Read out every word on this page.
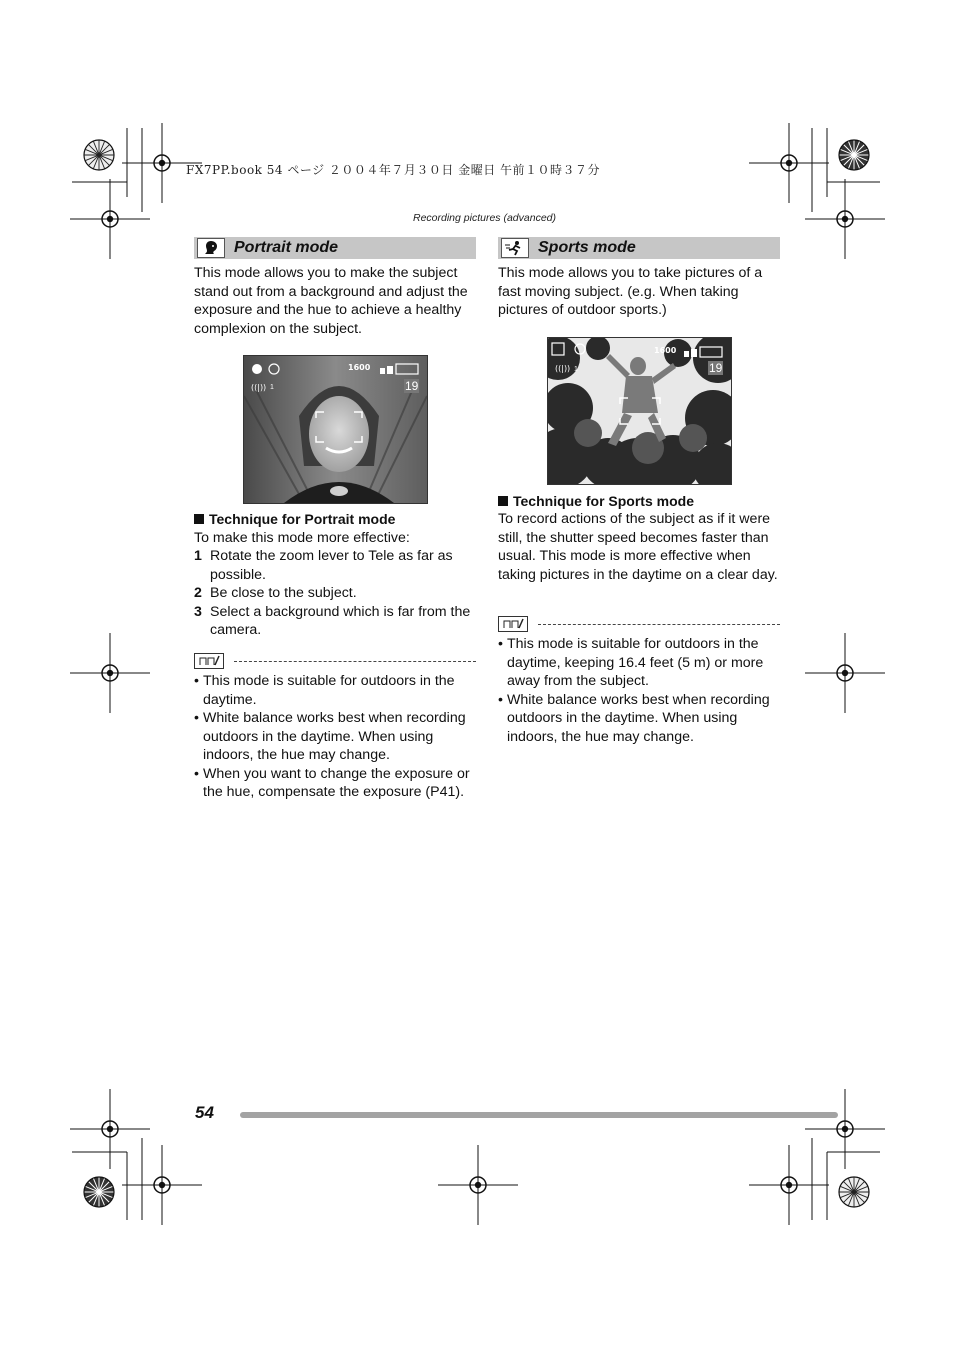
FX7PP.book 54 ページ ２００４年７月３０日 金曜日 午前１０時３７分
Recording pictures (advanced)
Portrait mode
This mode allows you to make the subject stand out from a background and adjust the exposure and the hue to achieve a healthy complexion on the subject.
1600
19
1
((|))
Technique for Portrait mode
To make this mode more effective:
1 Rotate the zoom lever to Tele as far as possible.
2 Be close to the subject.
3 Select a background which is far from the camera.
• This mode is suitable for outdoors in the daytime.
• White balance works best when recording outdoors in the daytime. When using indoors, the hue may change.
• When you want to change the exposure or the hue, compensate the exposure (P41).
Sports mode
This mode allows you to take pictures of a fast moving subject. (e.g. When taking pictures of outdoor sports.)
1600
19
1
((|))
Technique for Sports mode
To record actions of the subject as if it were still, the shutter speed becomes faster than usual. This mode is more effective when taking pictures in the daytime on a clear day.
• This mode is suitable for outdoors in the daytime, keeping 16.4 feet (5 m) or more away from the subject.
• White balance works best when recording outdoors in the daytime. When using indoors, the hue may change.
54
